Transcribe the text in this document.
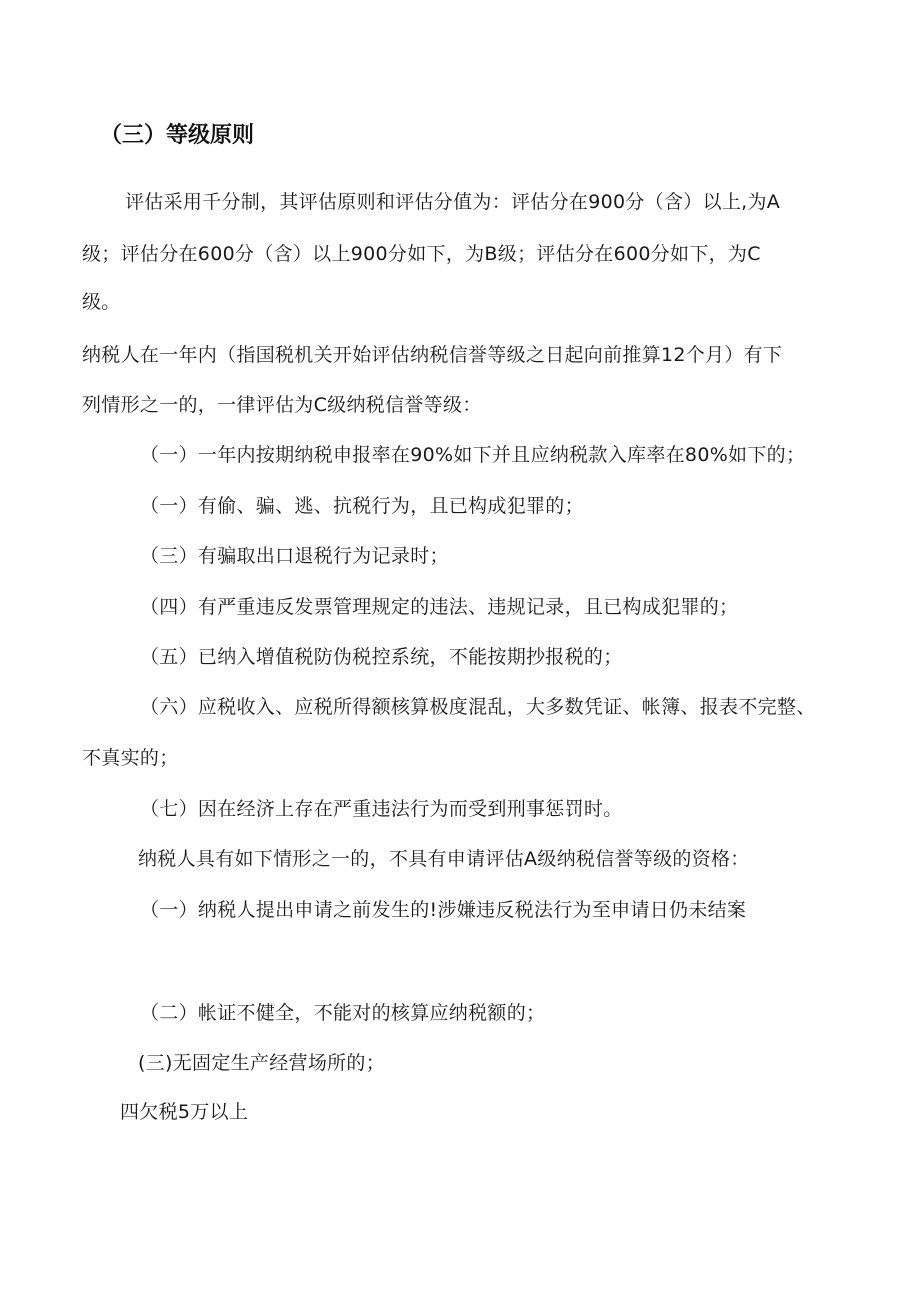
（三）等级原则
评估采用千分制，其评估原则和评估分值为：评估分在900分（含）以上,为A
级；评估分在600分（含）以上900分如下，为B级；评估分在600分如下，为C
级。
纳税人在一年内（指国税机关开始评估纳税信誉等级之日起向前推算12个月）有下
列情形之一的，一律评估为C级纳税信誉等级：
（一）一年内按期纳税申报率在90%如下并且应纳税款入库率在80%如下的；
（一）有偷、骗、逃、抗税行为，且已构成犯罪的；
（三）有骗取出口退税行为记录时；
（四）有严重违反发票管理规定的违法、违规记录，且已构成犯罪的；
（五）已纳入增值税防伪税控系统，不能按期抄报税的；
（六）应税收入、应税所得额核算极度混乱，大多数凭证、帐簿、报表不完整、
不真实的；
（七）因在经济上存在严重违法行为而受到刑事惩罚时。
纳税人具有如下情形之一的，不具有申请评估A级纳税信誉等级的资格：
（一）纳税人提出申请之前发生的!涉嫌违反税法行为至申请日仍未结案
（二）帐证不健全，不能对的核算应纳税额的；
(三)无固定生产经营场所的；
四欠税5万以上
